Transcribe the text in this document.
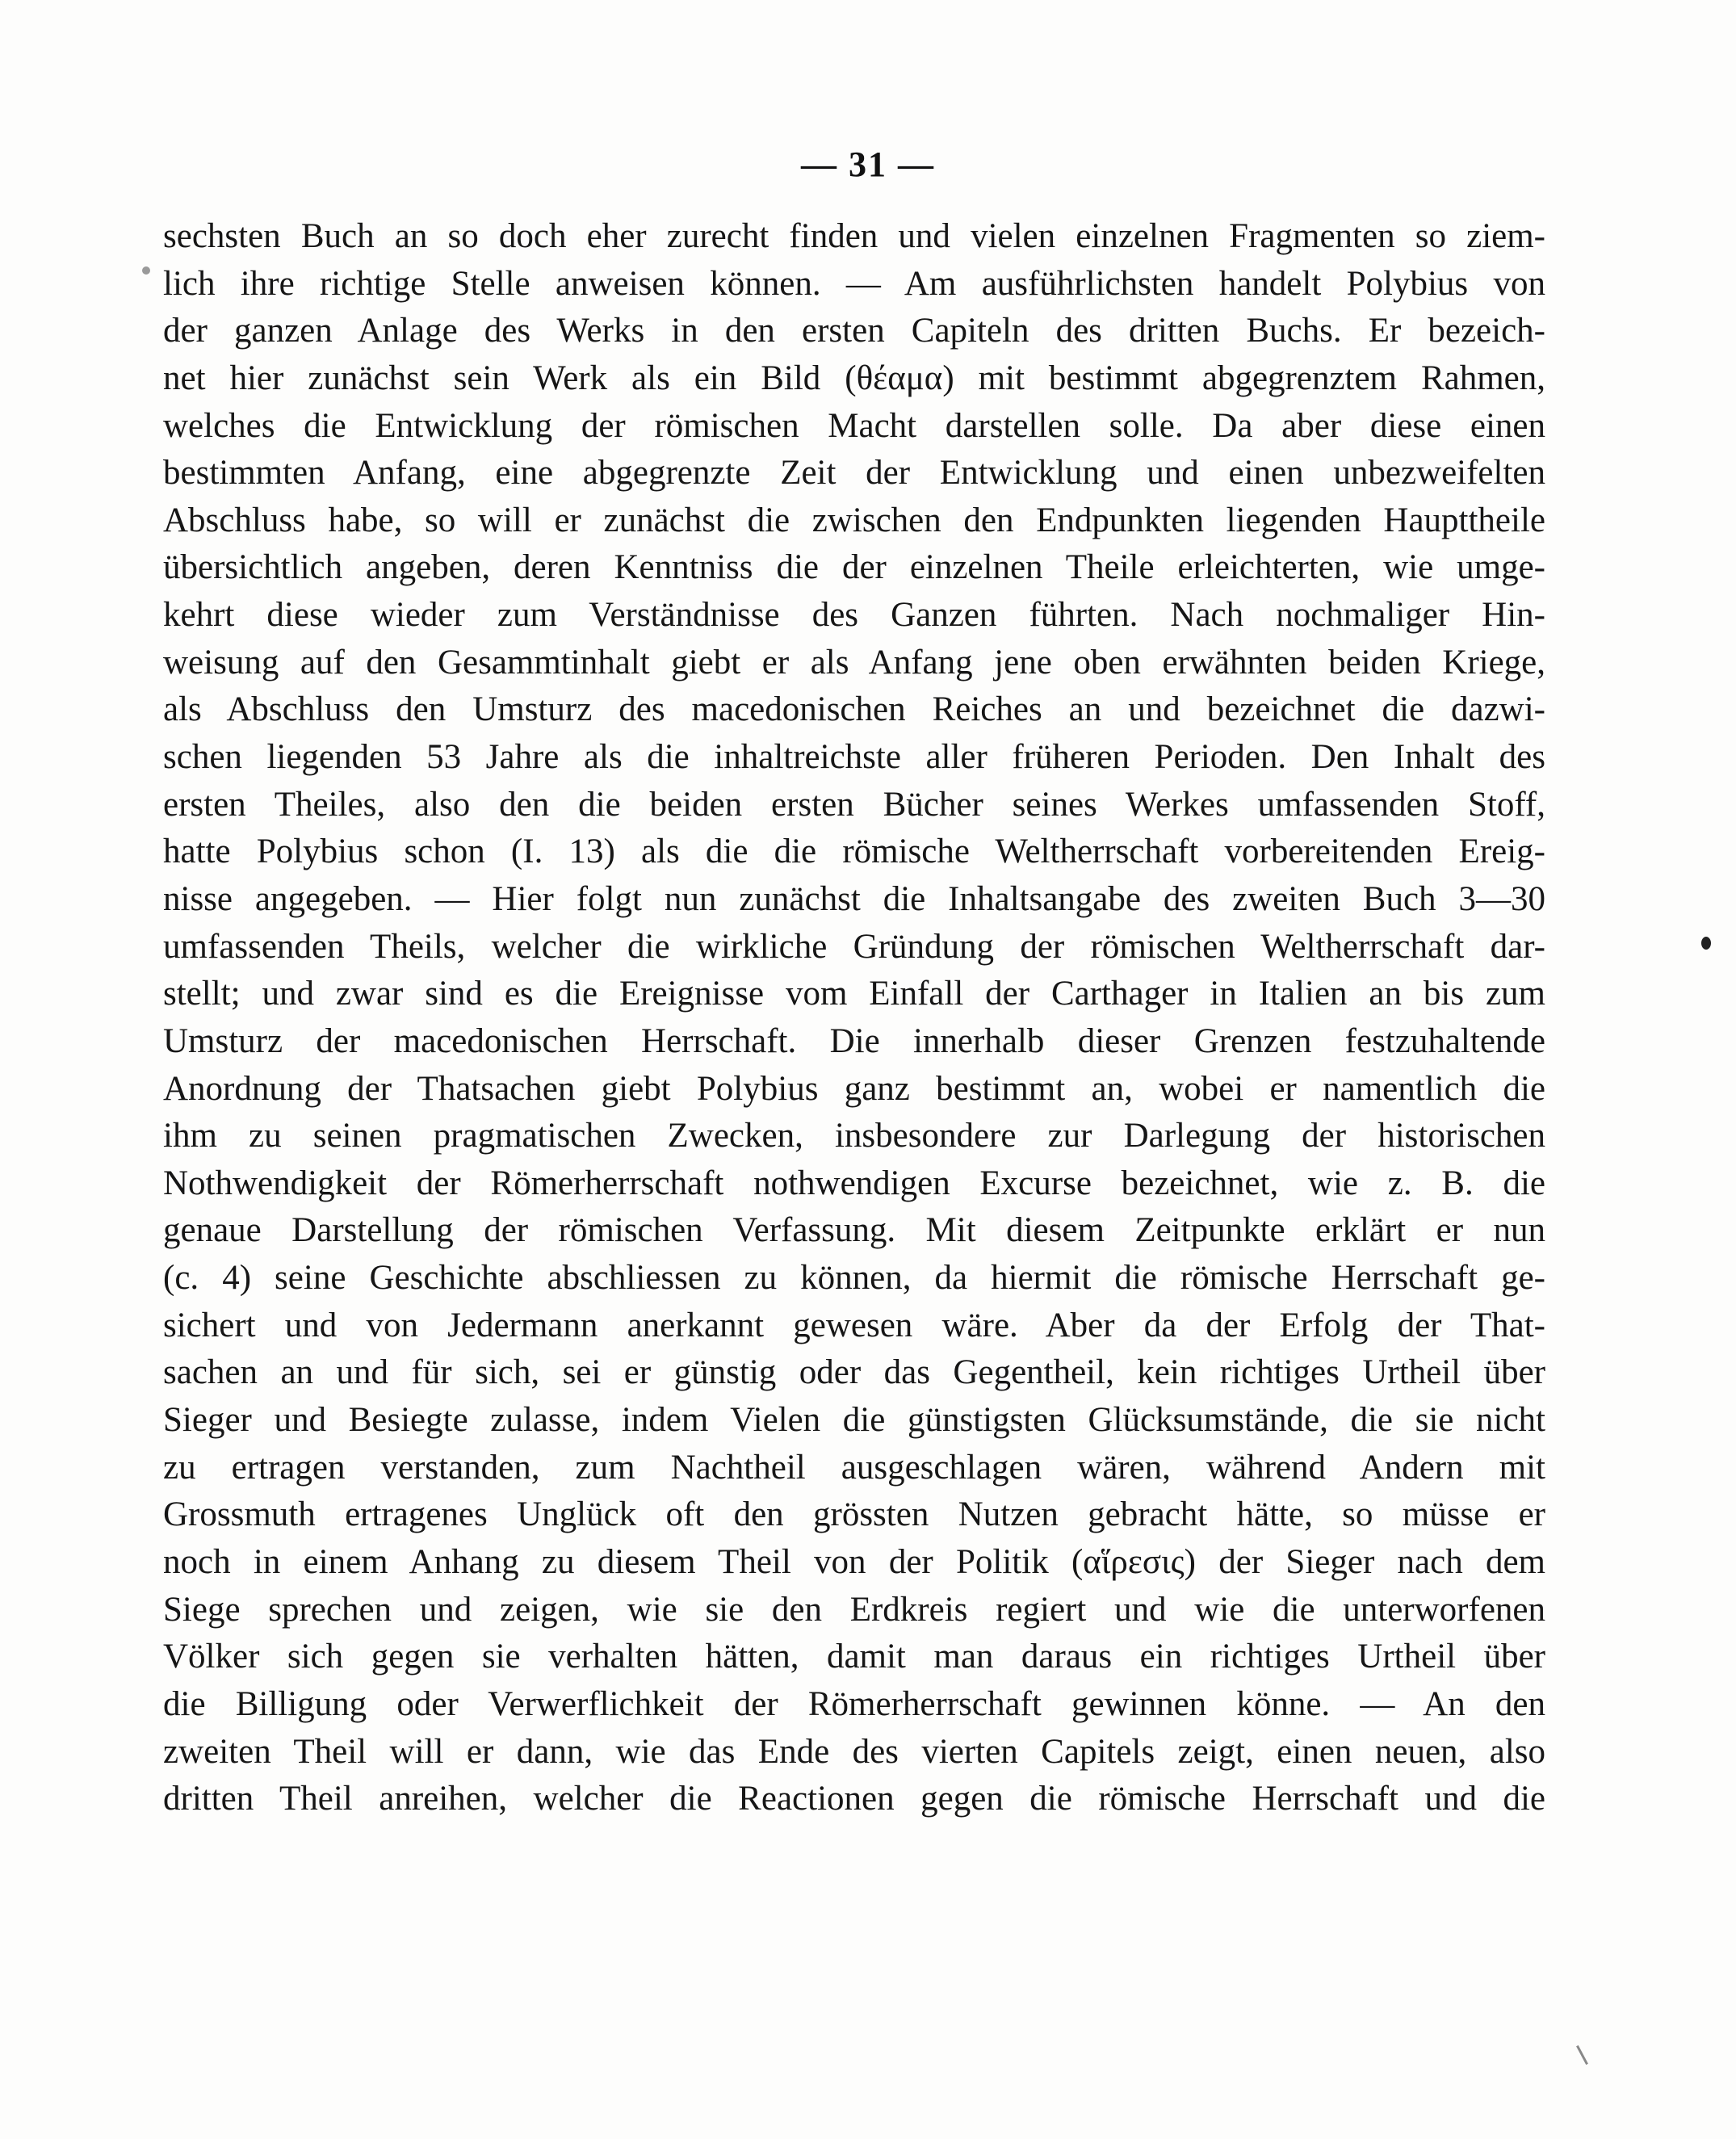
— 31 —
sechsten Buch an so doch eher zurecht finden und vielen einzelnen Fragmenten so ziem-
lich ihre richtige Stelle anweisen können. — Am ausführlichsten handelt Polybius von
der ganzen Anlage des Werks in den ersten Capiteln des dritten Buchs. Er bezeich-
net hier zunächst sein Werk als ein Bild (θέαμα) mit bestimmt abgegrenztem Rahmen,
welches die Entwicklung der römischen Macht darstellen solle. Da aber diese einen
bestimmten Anfang, eine abgegrenzte Zeit der Entwicklung und einen unbezweifelten
Abschluss habe, so will er zunächst die zwischen den Endpunkten liegenden Haupttheile
übersichtlich angeben, deren Kenntniss die der einzelnen Theile erleichterten, wie umge-
kehrt diese wieder zum Verständnisse des Ganzen führten. Nach nochmaliger Hin-
weisung auf den Gesammtinhalt giebt er als Anfang jene oben erwähnten beiden Kriege,
als Abschluss den Umsturz des macedonischen Reiches an und bezeichnet die dazwi-
schen liegenden 53 Jahre als die inhaltreichste aller früheren Perioden. Den Inhalt des
ersten Theiles, also den die beiden ersten Bücher seines Werkes umfassenden Stoff,
hatte Polybius schon (I. 13) als die die römische Weltherrschaft vorbereitenden Ereig-
nisse angegeben. — Hier folgt nun zunächst die Inhaltsangabe des zweiten Buch 3—30
umfassenden Theils, welcher die wirkliche Gründung der römischen Weltherrschaft dar-
stellt; und zwar sind es die Ereignisse vom Einfall der Carthager in Italien an bis zum
Umsturz der macedonischen Herrschaft. Die innerhalb dieser Grenzen festzuhaltende
Anordnung der Thatsachen giebt Polybius ganz bestimmt an, wobei er namentlich die
ihm zu seinen pragmatischen Zwecken, insbesondere zur Darlegung der historischen
Nothwendigkeit der Römerherrschaft nothwendigen Excurse bezeichnet, wie z. B. die
genaue Darstellung der römischen Verfassung. Mit diesem Zeitpunkte erklärt er nun
(c. 4) seine Geschichte abschliessen zu können, da hiermit die römische Herrschaft ge-
sichert und von Jedermann anerkannt gewesen wäre. Aber da der Erfolg der That-
sachen an und für sich, sei er günstig oder das Gegentheil, kein richtiges Urtheil über
Sieger und Besiegte zulasse, indem Vielen die günstigsten Glücksumstände, die sie nicht
zu ertragen verstanden, zum Nachtheil ausgeschlagen wären, während Andern mit
Grossmuth ertragenes Unglück oft den grössten Nutzen gebracht hätte, so müsse er
noch in einem Anhang zu diesem Theil von der Politik (αἵρεσις) der Sieger nach dem
Siege sprechen und zeigen, wie sie den Erdkreis regiert und wie die unterworfenen
Völker sich gegen sie verhalten hätten, damit man daraus ein richtiges Urtheil über
die Billigung oder Verwerflichkeit der Römerherrschaft gewinnen könne. — An den
zweiten Theil will er dann, wie das Ende des vierten Capitels zeigt, einen neuen, also
dritten Theil anreihen, welcher die Reactionen gegen die römische Herrschaft und die
